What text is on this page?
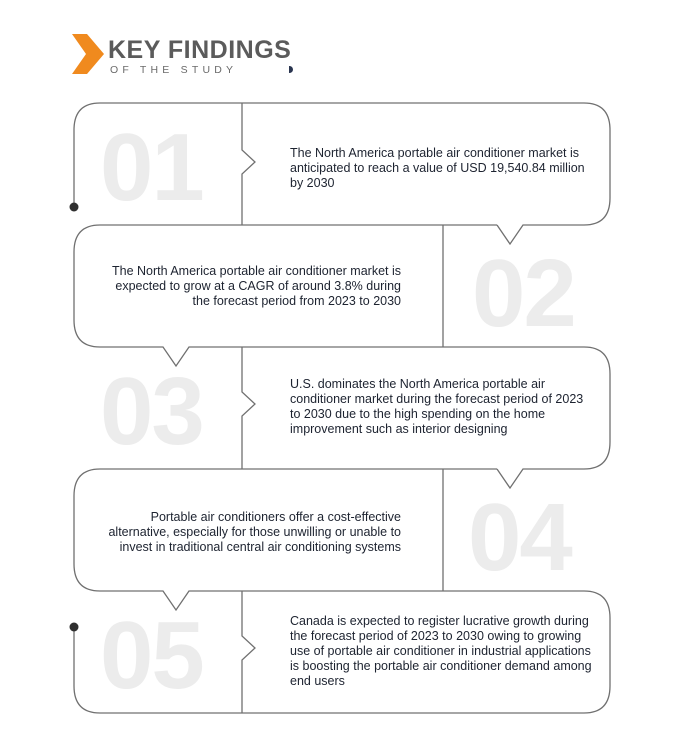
KEY FINDINGS
OF THE STUDY
01	The North America portable air conditioner market is anticipated to reach a value of USD 19,540.84 million by 2030
02
The North America portable air conditioner market is expected to grow at a CAGR of around 3.8% during the forecast period from 2023 to 2030
03	U.S. dominates the North America portable air conditioner market during the forecast period of 2023 to 2030 due to the high spending on the home improvement such as interior designing
04
Portable air conditioners offer a cost-effective alternative, especially for those unwilling or unable to invest in traditional central air conditioning systems
05	Canada is expected to register lucrative growth during the forecast period of 2023 to 2030 owing to growing use of portable air conditioner in industrial applications is boosting the portable air conditioner demand among end users
